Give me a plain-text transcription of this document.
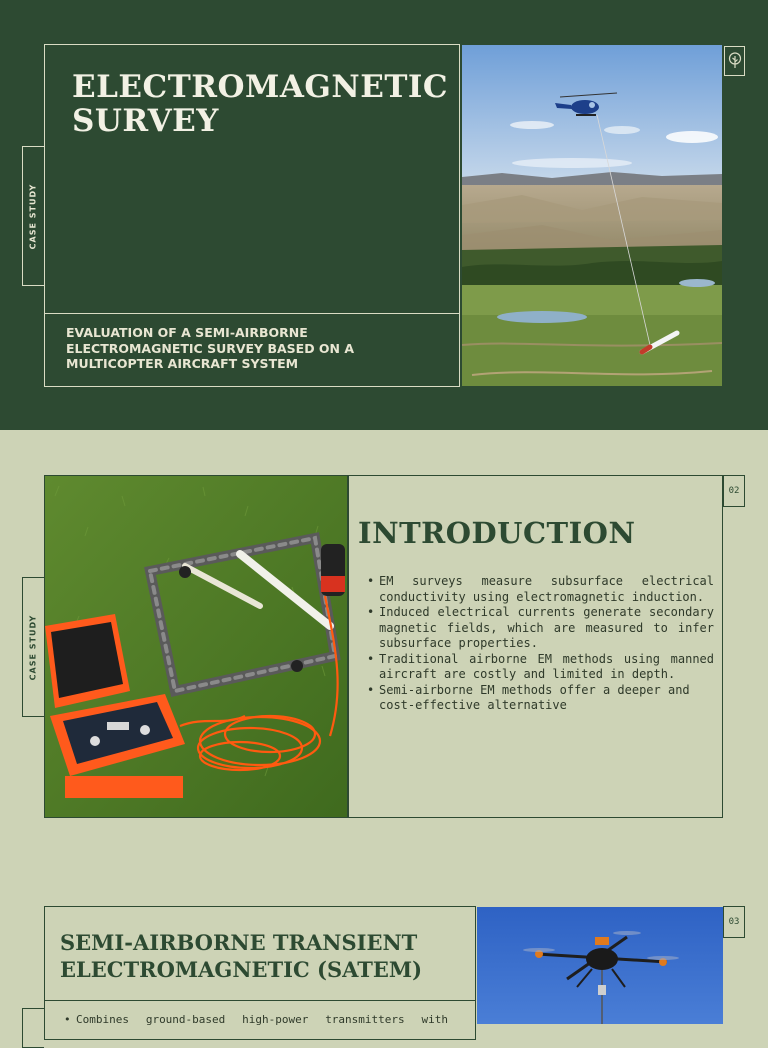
ELECTROMAGNETIC
SURVEY
EVALUATION OF A SEMI-AIRBORNE ELECTROMAGNETIC SURVEY BASED ON A MULTICOPTER AIRCRAFT SYSTEM
CASE STUDY
INTRODUCTION
• EM surveys measure subsurface electrical conductivity using electromagnetic induction.
• Induced electrical currents generate secondary magnetic fields, which are measured to infer subsurface properties.
• Traditional airborne EM methods using manned aircraft are costly and limited in depth.
• Semi-airborne EM methods offer a deeper and cost-effective alternative
CASE STUDY
02
SEMI-AIRBORNE TRANSIENT
ELECTROMAGNETIC (SATEM)
• Combines ground-based high-power transmitters with
03
